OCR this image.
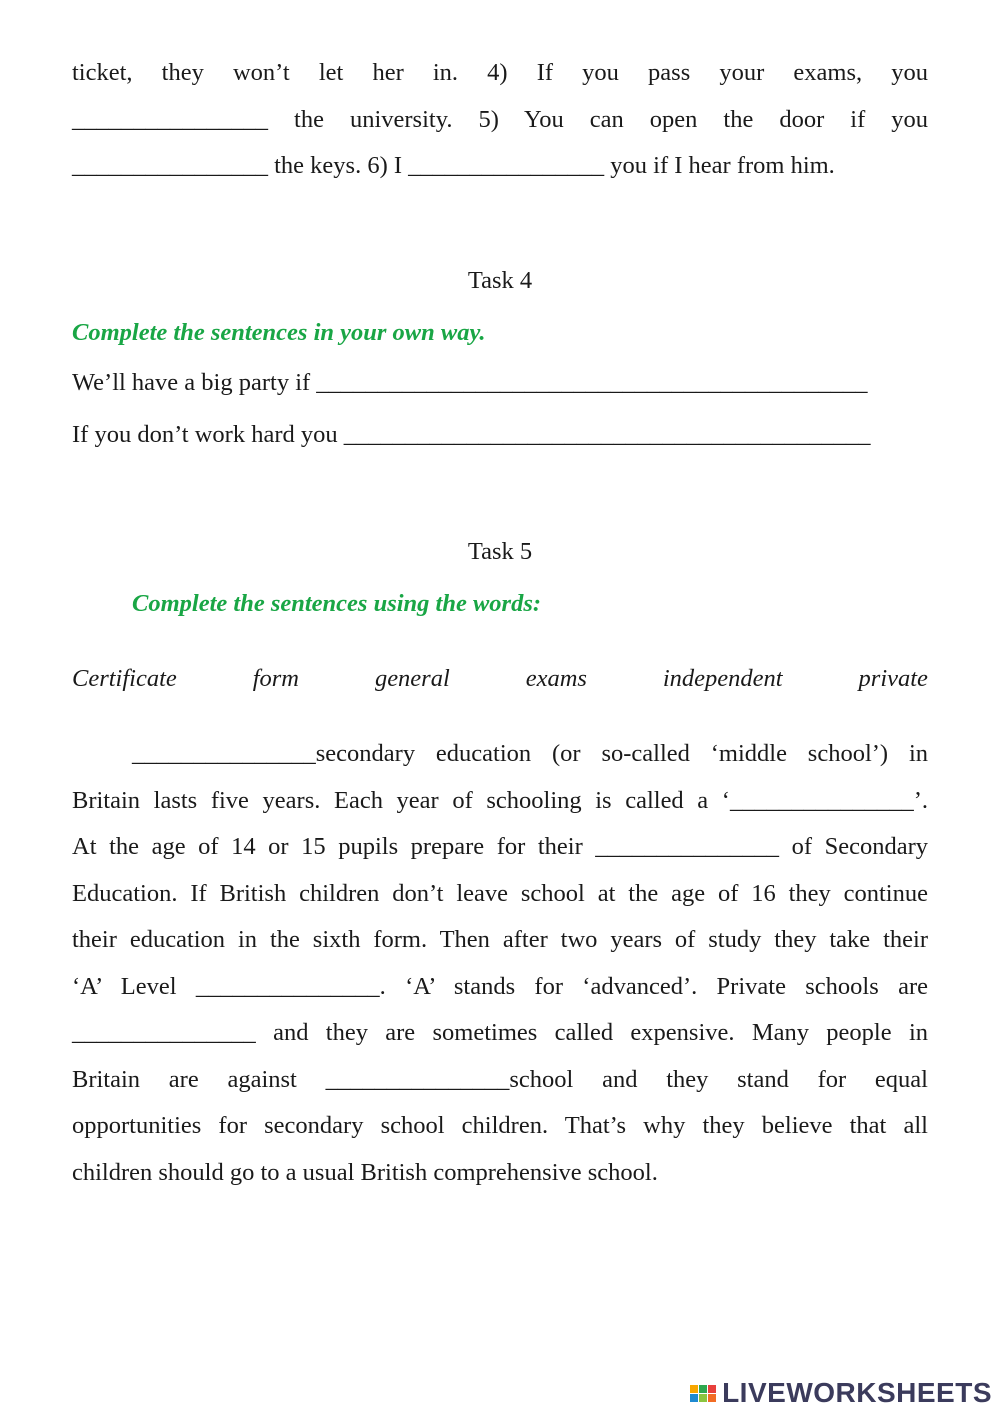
ticket, they won’t let her in. 4) If you pass your exams, you
________________ the university. 5) You can open the door if you
________________ the keys. 6) I ________________ you if I hear from him.
Task 4
Complete the sentences in your own way.
We’ll have a big party if _____________________________________________
If you don’t work hard you ___________________________________________
Task 5
Complete the sentences using the words:
Certificate	form	general	exams	independent	private
_______________secondary education (or so-called ‘middle school’) in
Britain lasts five years. Each year of schooling is called a ‘_______________’.
At the age of 14 or 15 pupils prepare for their _______________ of Secondary
Education. If British children don’t leave school at the age of 16 they continue
their education in the sixth form. Then after two years of study they take their
‘A’ Level _______________. ‘A’ stands for ‘advanced’. Private schools are
_______________ and they are sometimes called expensive. Many people in
Britain are against _______________school and they stand for equal
opportunities for secondary school children. That’s why they believe that all
children should go to a usual British comprehensive school.
LIVEWORKSHEETS
